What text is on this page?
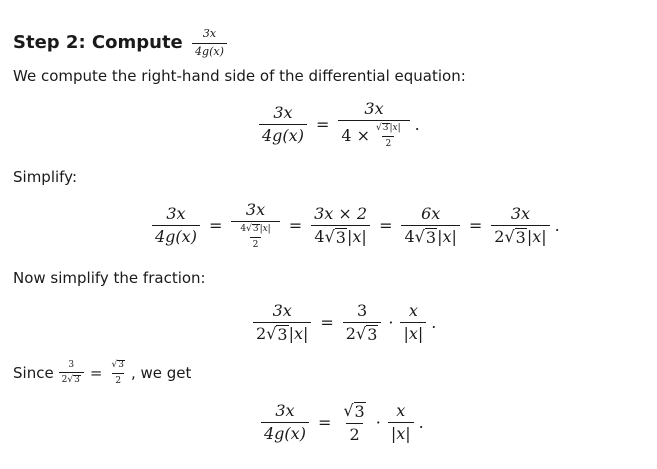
Step 2: Compute $\frac{3x}{4g(x)}$
We compute the right-hand side of the differential equation:
$\frac{3x}{4g(x)} = \frac{3x}{4 \times \frac{√ 3 |x|}{2}}$ .
Simplify:
$\frac{3x}{4g(x)} = \frac{3x}{\frac{4 √ 3 |x|}{2}} = \frac{3x \times 2}{4 √ 3 |x|} = \frac{6x}{4 √ 3 |x|} = \frac{3x}{2 √ 3 |x|}$ .
Now simplify the fraction:
$\frac{3x}{2 √ 3 |x|} = \frac{3}{2 √ 3} \cdot \frac{x}{|x|}$ .
Since $\frac{3}{2 √ 3} = \frac{√ 3}{2}$ , we get
$\frac{3x}{4g(x)} = \frac{√ 3}{2} \cdot \frac{x}{|x|}$ .
